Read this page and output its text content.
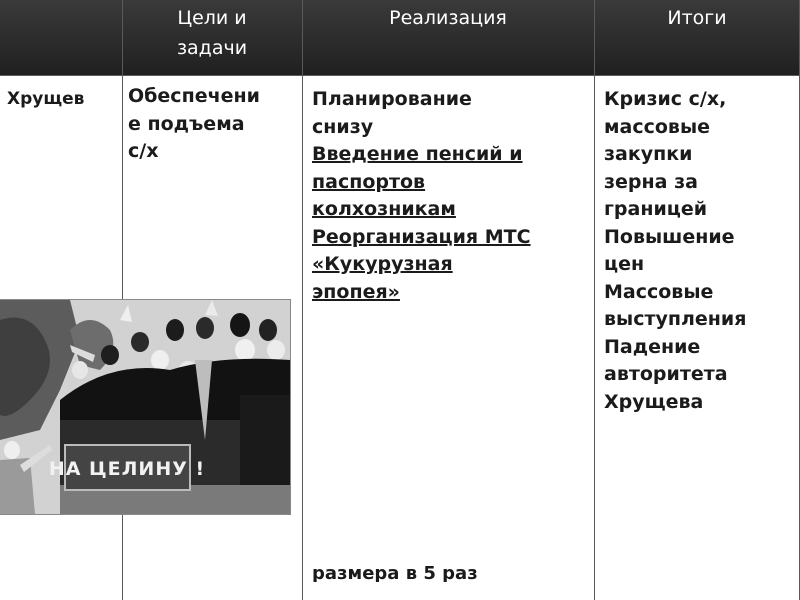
Цели и задачи
Реализация	Итоги
Хрущев Обеспечени
е подъема
с/х
Планирование
снизу
Введение пенсий и
паспортов
колхозникам
Реорганизация МТС
«Кукурузная
эпопея»
размера в 5 раз
Кризис с/х,
массовые
закупки
зерна за
границей
Повышение
цен
Массовые
выступления
Падение
авторитета
Хрущева
НА ЦЕЛИНУ !
